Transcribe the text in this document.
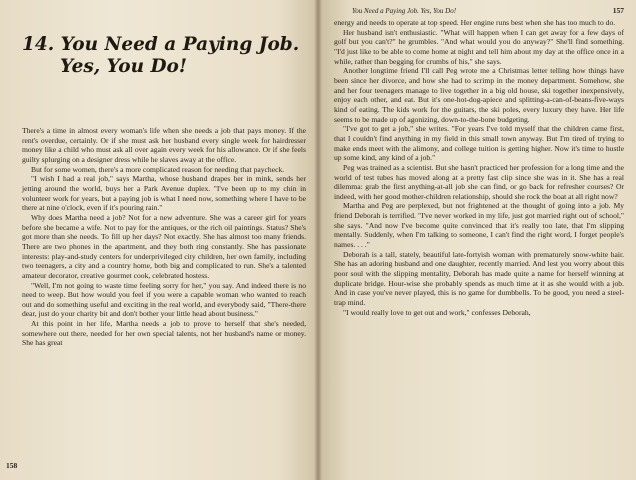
14. You Need a Paying Job.
Yes, You Do!

There's a time in almost every woman's life when she needs a job that pays money. If the rent's overdue, certainly. Or if she must ask her husband every single week for hairdresser money like a child who must ask all over again every week for his allowance. Or if she feels guilty splurging on a designer dress while he slaves away at the office.

But for some women, there's a more complicated reason for needing that paycheck.

"I wish I had a real job," says Martha, whose husband drapes her in mink, sends her jetting around the world, buys her a Park Avenue duplex. "I've been up to my chin in volunteer work for years, but a paying job is what I need now, something where I have to be there at nine o'clock, even if it's pouring rain."

Why does Martha need a job? Not for a new adventure. She was a career girl for years before she became a wife. Not to pay for the antiques, or the rich oil paintings. Status? She's got more than she needs. To fill up her days? Not exactly. She has almost too many friends. There are two phones in the apartment, and they both ring constantly. She has passionate interests: play-and-study centers for underprivileged city children, her own family, including two teenagers, a city and a country home, both big and complicated to run. She's a talented amateur decorator, creative gourmet cook, celebrated hostess.

"Well, I'm not going to waste time feeling sorry for her," you say. And indeed there is no need to weep. But how would you feel if you were a capable woman who wanted to reach out and do something useful and exciting in the real world, and everybody said, "There-there dear, just do your charity bit and don't bother your little head about business."

At this point in her life, Martha needs a job to prove to herself that she's needed, somewhere out there, needed for her own special talents, not her husband's name or money. She has great

158
You Need a Paying Job. Yes, You Do!	157

energy and needs to operate at top speed. Her engine runs best when she has too much to do.

Her husband isn't enthusiastic. "What will happen when I can get away for a few days of golf but you can't?" he grumbles. "And what would you do anyway?" She'll find something. "I'd just like to be able to come home at night and tell him about my day at the office once in a while, rather than begging for crumbs of his," she says.

Another longtime friend I'll call Peg wrote me a Christmas letter telling how things have been since her divorce, and how she had to scrimp in the money department. Somehow, she and her four teenagers manage to live together in a big old house, ski together inexpensively, enjoy each other, and eat. But it's one-hot-dog-apiece and splitting-a-can-of-beans-five-ways kind of eating. The kids work for the guitars, the ski poles, every luxury they have. Her life seems to be made up of agonizing, down-to-the-bone budgeting.

"I've got to get a job," she writes. "For years I've told myself that the children came first, that I couldn't find anything in my field in this small town anyway. But I'm tired of trying to make ends meet with the alimony, and college tuition is getting higher. Now it's time to hustle up some kind, any kind of a job."

Peg was trained as a scientist. But she hasn't practiced her profession for a long time and the world of test tubes has moved along at a pretty fast clip since she was in it. She has a real dilemma: grab the first anything-at-all job she can find, or go back for refresher courses? Or indeed, with her good mother-children relationship, should she rock the boat at all right now?

Martha and Peg are perplexed, but not frightened at the thought of going into a job. My friend Deborah is terrified. "I've never worked in my life, just got married right out of school," she says. "And now I've become quite convinced that it's really too late, that I'm slipping mentally. Suddenly, when I'm talking to someone, I can't find the right word, I forget people's names. . . ."

Deborah is a tall, stately, beautiful late-fortyish woman with prematurely snow-white hair. She has an adoring husband and one daughter, recently married. And lest you worry about this poor soul with the slipping mentality, Deborah has made quite a name for herself winning at duplicate bridge. Hour-wise she probably spends as much time at it as she would with a job. And in case you've never played, this is no game for dumbbells. To be good, you need a steel-trap mind.

"I would really love to get out and work," confesses Deborah,
